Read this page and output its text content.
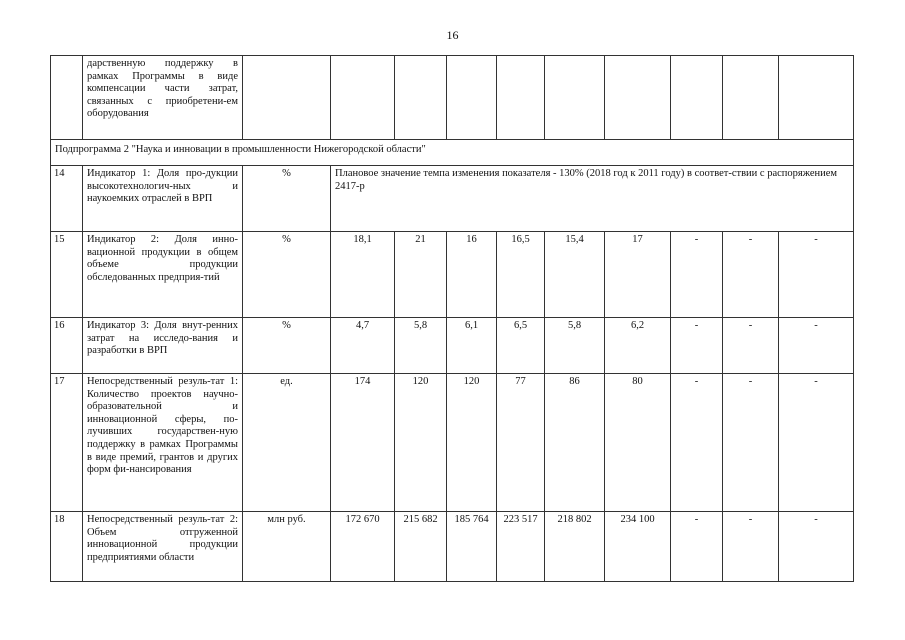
16
	дарственную поддержку в рамках Программы в виде компенсации части затрат, связанных с приобретени-ем оборудования										
Подпрограмма 2 "Наука и инновации в промышленности Нижегородской области"											
14	Индикатор 1: Доля про-дукции высокотехнологич-ных и наукоемких отраслей в ВРП	%	Плановое значение темпа изменения показателя - 130% (2018 год к 2011 году) в соответ-ствии с распоряжением 2417-р								
15	Индикатор 2: Доля инно-вационной продукции в общем объеме продукции обследованных предприя-тий	%	18,1	21	16	16,5	15,4	17	-	-	-
16	Индикатор 3: Доля внут-ренних затрат на исследо-вания и разработки в ВРП	%	4,7	5,8	6,1	6,5	5,8	6,2	-	-	-
17	Непосредственный резуль-тат 1: Количество проектов научно-образовательной и инновационной сферы, по-лучивших государствен-ную поддержку в рамках Программы в виде премий, грантов и других форм фи-нансирования	ед.	174	120	120	77	86	80	-	-	-
18	Непосредственный резуль-тат 2: Объем отгруженной инновационной продукции предприятиями области	млн руб.	172 670	215 682	185 764	223 517	218 802	234 100	-	-	-
